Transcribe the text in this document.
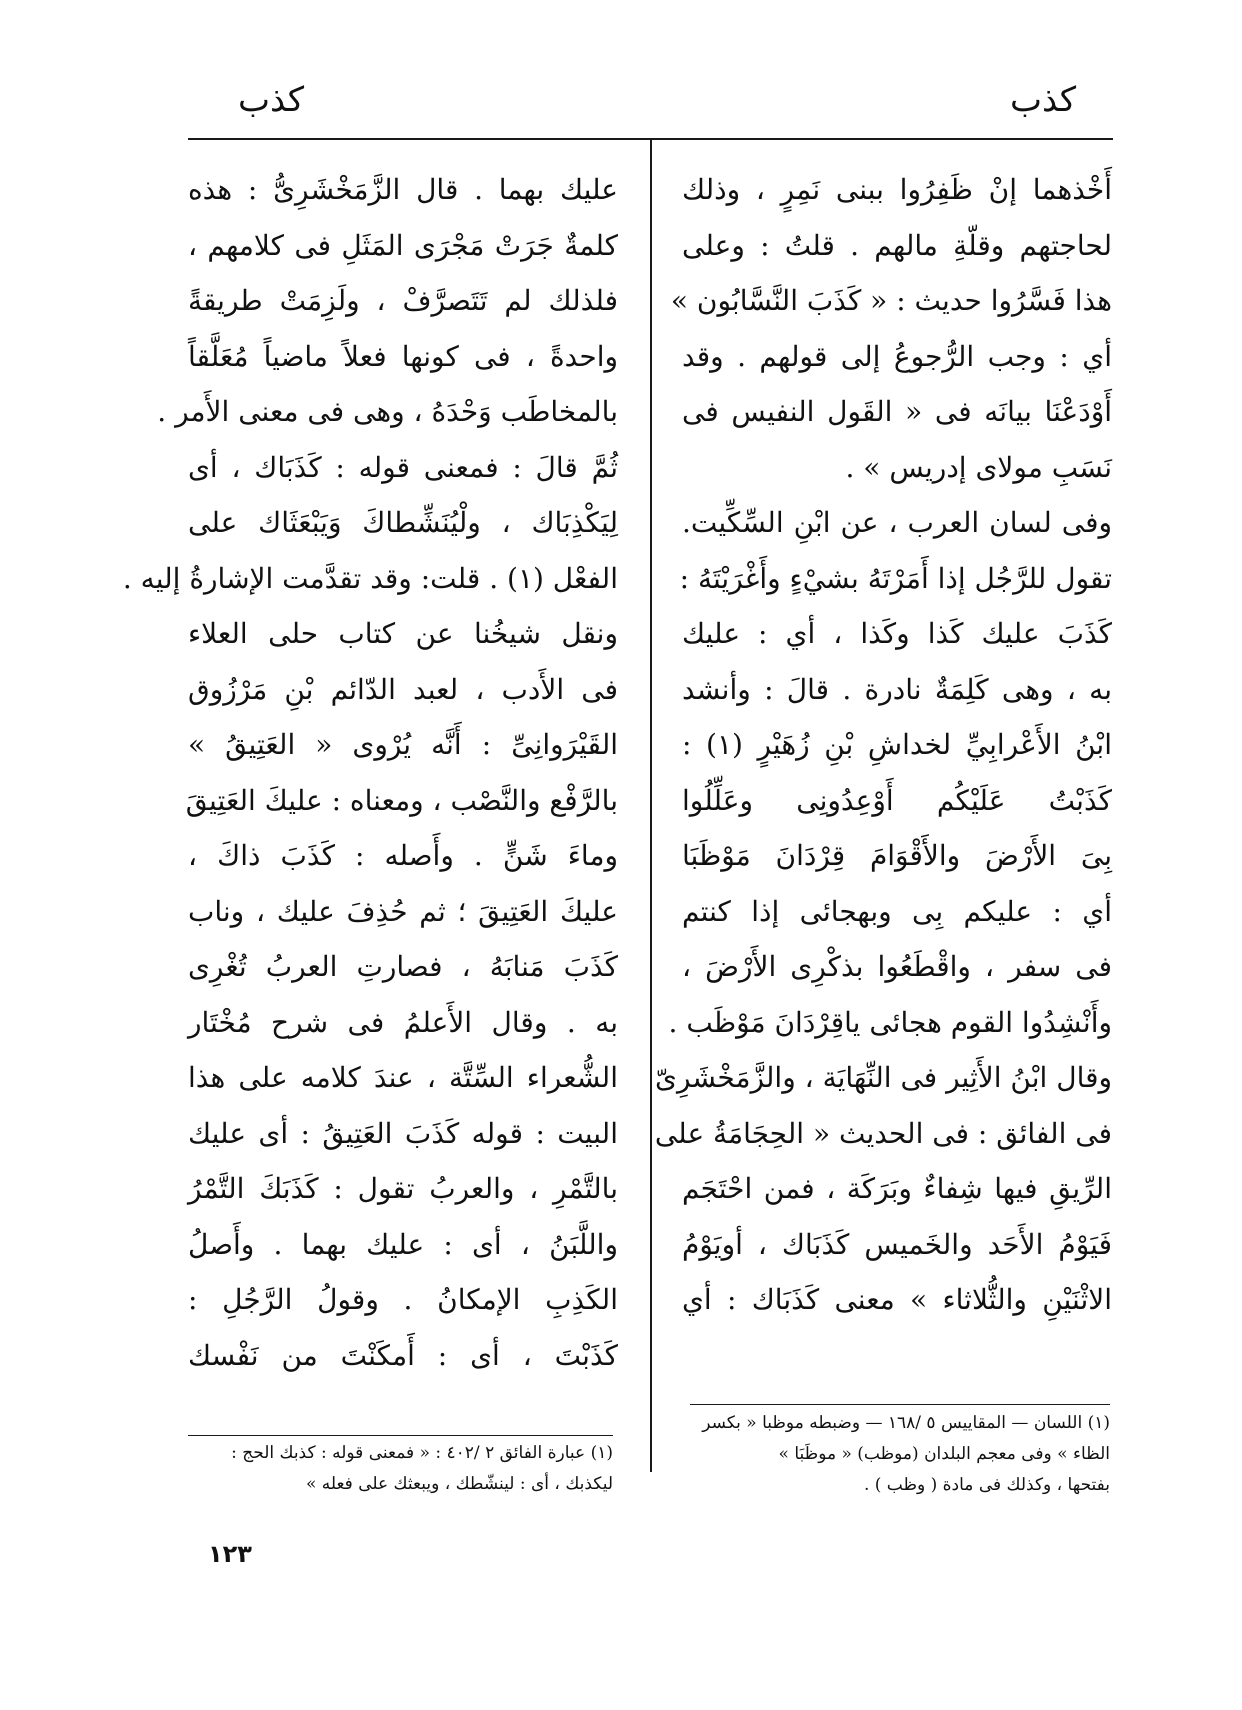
كذب
كذب
أَخْذهما إنْ ظَفِرُوا ببنى نَمِرٍ ، وذلك
لحاجتهم وقلّةِ مالهم . قلتُ : وعلى
هذا فَسَّرُوا حديث : « كَذَبَ النَّسَّابُون »
أي : وجب الرُّجوعُ إلى قولهم . وقد
أَوْدَعْنَا بيانَه فى « القَول النفيس فى
نَسَبِ مولاى إدريس » .
وفى لسان العرب ، عن ابْنِ السِّكِّيت.
تقول للرَّجُل إذا أَمَرْتَهُ بشيْءٍ وأَغْرَيْتَهُ :
كَذَبَ عليك كَذا وكَذا ، أي : عليك
به ، وهى كَلِمَةٌ نادرة . قالَ : وأنشد
ابْنُ الأَعْرابِيِّ لخداشِ بْنِ زُهَيْرٍ (١) :
كَذَبْتُ عَلَيْكُم أَوْعِدُونِى وعَلِّلُوا
بِىَ الأَرْضَ والأَقْوَامَ قِرْدَانَ مَوْظَبَا
أي : عليكم بِى وبهجائى إذا كنتم
فى سفر ، واقْطَعُوا بذكْرِى الأَرْضَ ،
وأَنْشِدُوا القوم هجائى ياقِرْدَانَ مَوْظَب .
وقال ابْنُ الأَثِير فى النِّهَايَة ، والزَّمَخْشَرِىّ
فى الفائق : فى الحديث « الحِجَامَةُ على
الرِّيقِ فيها شِفاءٌ وبَرَكَة ، فمن احْتَجَم
فَيَوْمُ الأَحَد والخَميس كَذَبَاك ، أويَوْمُ
الاثْنَيْنِ والثُّلاثاء » معنى كَذَبَاك : أي
عليك بهما . قال الزَّمَخْشَرِىُّ : هذه
كلمةٌ جَرَتْ مَجْرَى المَثَلِ فى كلامهم ،
فلذلك لم تَتَصرَّفْ ، ولَزِمَتْ طريقةً
واحدةً ، فى كونها فعلاً ماضياً مُعَلَّقاً
بالمخاطَب وَحْدَهُ ، وهى فى معنى الأَمر .
ثُمَّ قالَ : فمعنى قوله : كَذَبَاك ، أى
لِيَكْذِبَاك ، ولْيُنَشِّطاكَ وَيَبْعَثَاك على
الفعْل (١) . قلت: وقد تقدَّمت الإشارةُ إليه .
ونقل شيخُنا عن كتاب حلى العلاء
فى الأَدب ، لعبد الدّائم بْنِ مَرْزُوق
القَيْرَوانِىِّ : أَنَّه يُرْوى « العَتِيقُ »
بالرَّفْع والنَّصْب ، ومعناه : عليكَ العَتِيقَ
وماءَ شَنٍّ . وأَصله : كَذَبَ ذاكَ ،
عليكَ العَتِيقَ ؛ ثم حُذِفَ عليك ، وناب
كَذَبَ مَنابَهُ ، فصارتِ العربُ تُغْرِى
به . وقال الأَعلمُ فى شرح مُخْتَار
الشُّعراء السِّتَّة ، عندَ كلامه على هذا
البيت : قوله كَذَبَ العَتِيقُ : أى عليك
بالتَّمْرِ ، والعربُ تقول : كَذَبَكَ التَّمْرُ
واللَّبَنُ ، أى : عليك بهما . وأَصلُ
الكَذِبِ الإمكانُ . وقولُ الرَّجُلِ :
كَذَبْتَ ، أى : أَمكَنْتَ من نَفْسك
(١) اللسان — المقاييس ٥ /١٦٨ — وضبطه موظبا « بكسر
الظاء » وفى معجم البلدان (موظب) « موظَبَا »
بفتحها ، وكذلك فى مادة ( وظب ) .
(١) عبارة الفائق ٢ /٤٠٢ : « فمعنى قوله : كذبك الحج :
ليكذبك ، أى : لينشّطك ، ويبعثك على فعله »
١٢٣
